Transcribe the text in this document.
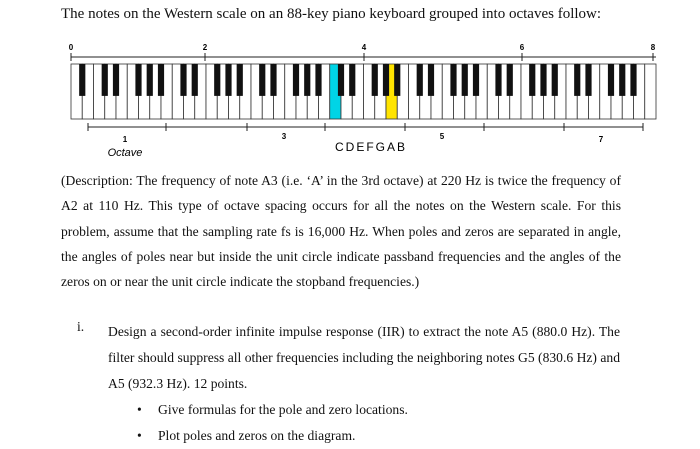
The notes on the Western scale on an 88-key piano keyboard grouped into octaves follow:
0	2	4	6	8
1	3	5	7
Octave	CDEFGAB
(Description: The frequency of note A3 (i.e. ‘A’ in the 3rd octave) at 220 Hz is twice the frequency of A2 at 110 Hz. This type of octave spacing occurs for all the notes on the Western scale. For this problem, assume that the sampling rate fs is 16,000 Hz. When poles and zeros are separated in angle, the angles of poles near but inside the unit circle indicate passband frequencies and the angles of the zeros on or near the unit circle indicate the stopband frequencies.)
i. Design a second-order infinite impulse response (IIR) to extract the note A5 (880.0 Hz). The filter should suppress all other frequencies including the neighboring notes G5 (830.6 Hz) and A5 (932.3 Hz). 12 points.
• Give formulas for the pole and zero locations.
• Plot poles and zeros on the diagram.
